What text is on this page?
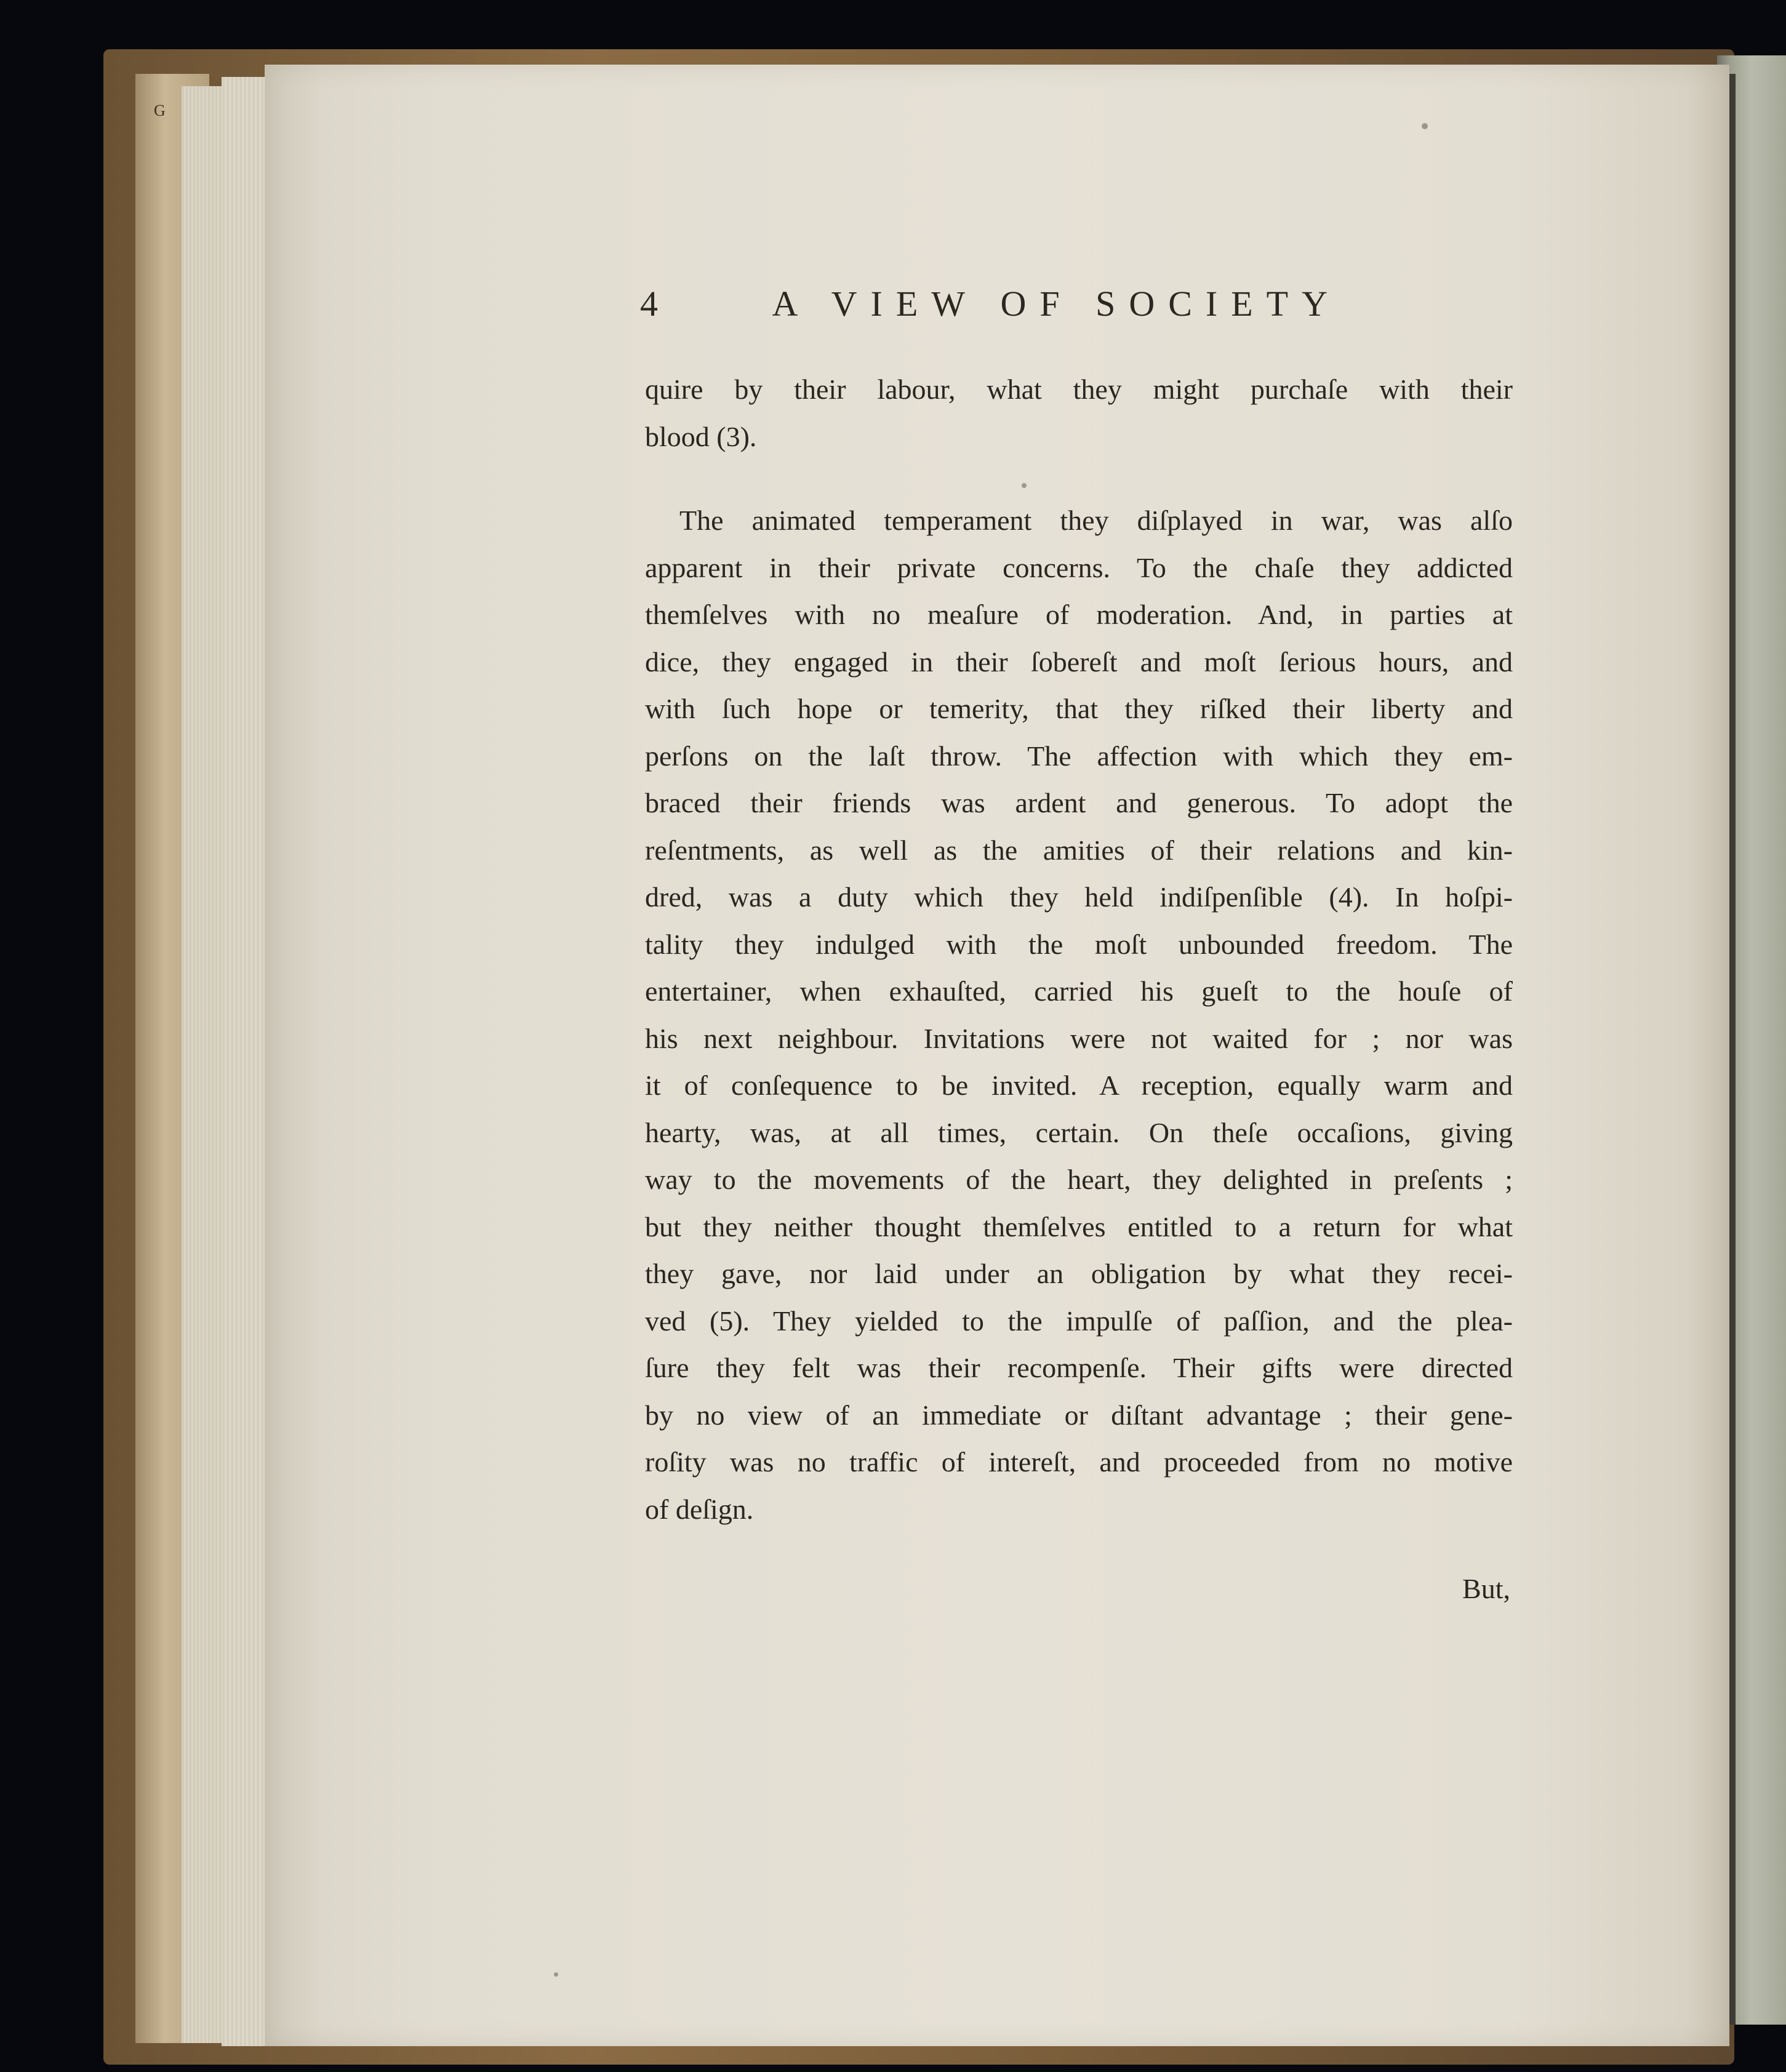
G
4	A VIEW OF SOCIETY
quire by their labour, what they might purchaſe with their
blood (3).
The animated temperament they diſplayed in war, was alſo
apparent in their private concerns. To the chaſe they addicted
themſelves with no meaſure of moderation. And, in parties at
dice, they engaged in their ſobereſt and moſt ſerious hours, and
with ſuch hope or temerity, that they riſked their liberty and
perſons on the laſt throw. The affection with which they em-
braced their friends was ardent and generous. To adopt the
reſentments, as well as the amities of their relations and kin-
dred, was a duty which they held indiſpenſible (4). In hoſpi-
tality they indulged with the moſt unbounded freedom. The
entertainer, when exhauſted, carried his gueſt to the houſe of
his next neighbour. Invitations were not waited for ; nor was
it of conſequence to be invited. A reception, equally warm and
hearty, was, at all times, certain. On theſe occaſions, giving
way to the movements of the heart, they delighted in preſents ;
but they neither thought themſelves entitled to a return for what
they gave, nor laid under an obligation by what they recei-
ved (5). They yielded to the impulſe of paſſion, and the plea-
ſure they felt was their recompenſe. Their gifts were directed
by no view of an immediate or diſtant advantage ; their gene-
roſity was no traffic of intereſt, and proceeded from no motive
of deſign.
But,
